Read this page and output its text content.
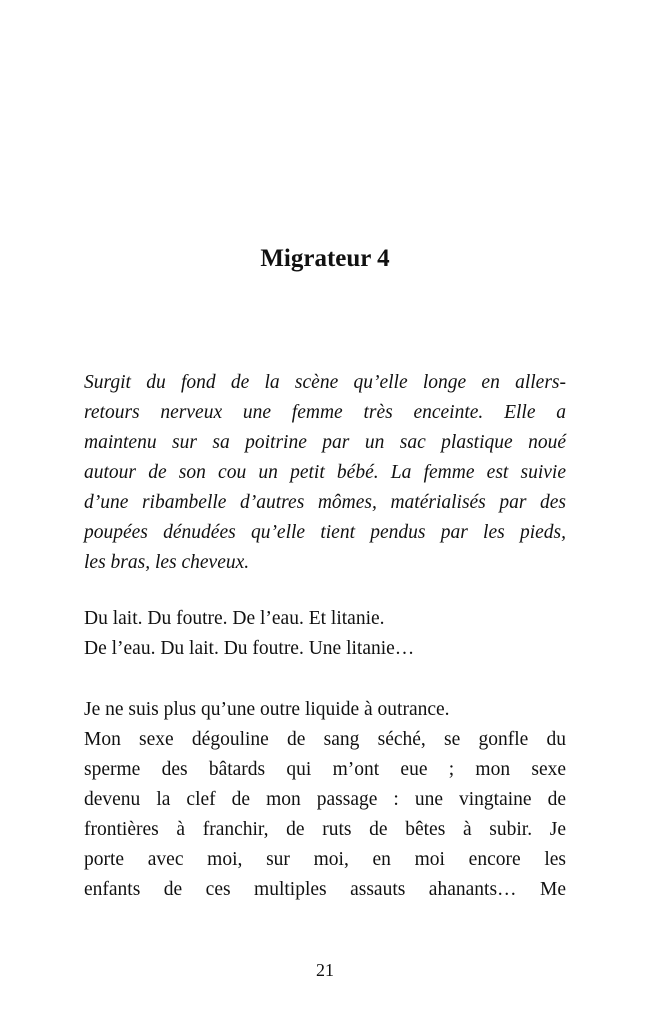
Migrateur 4
Surgit du fond de la scène qu’elle longe en allers-
retours nerveux une femme très enceinte. Elle a
maintenu sur sa poitrine par un sac plastique noué
autour de son cou un petit bébé. La femme est suivie
d’une ribambelle d’autres mômes, matérialisés par des
poupées dénudées qu’elle tient pendus par les pieds,
les bras, les cheveux.
Du lait. Du foutre. De l’eau. Et litanie.
De l’eau. Du lait. Du foutre. Une litanie…
Je ne suis plus qu’une outre liquide à outrance.
Mon sexe dégouline de sang séché, se gonfle du
sperme des bâtards qui m’ont eue ; mon sexe
devenu la clef de mon passage : une vingtaine de
frontières à franchir, de ruts de bêtes à subir. Je
porte avec moi, sur moi, en moi encore les
enfants de ces multiples assauts ahanants… Me
21
